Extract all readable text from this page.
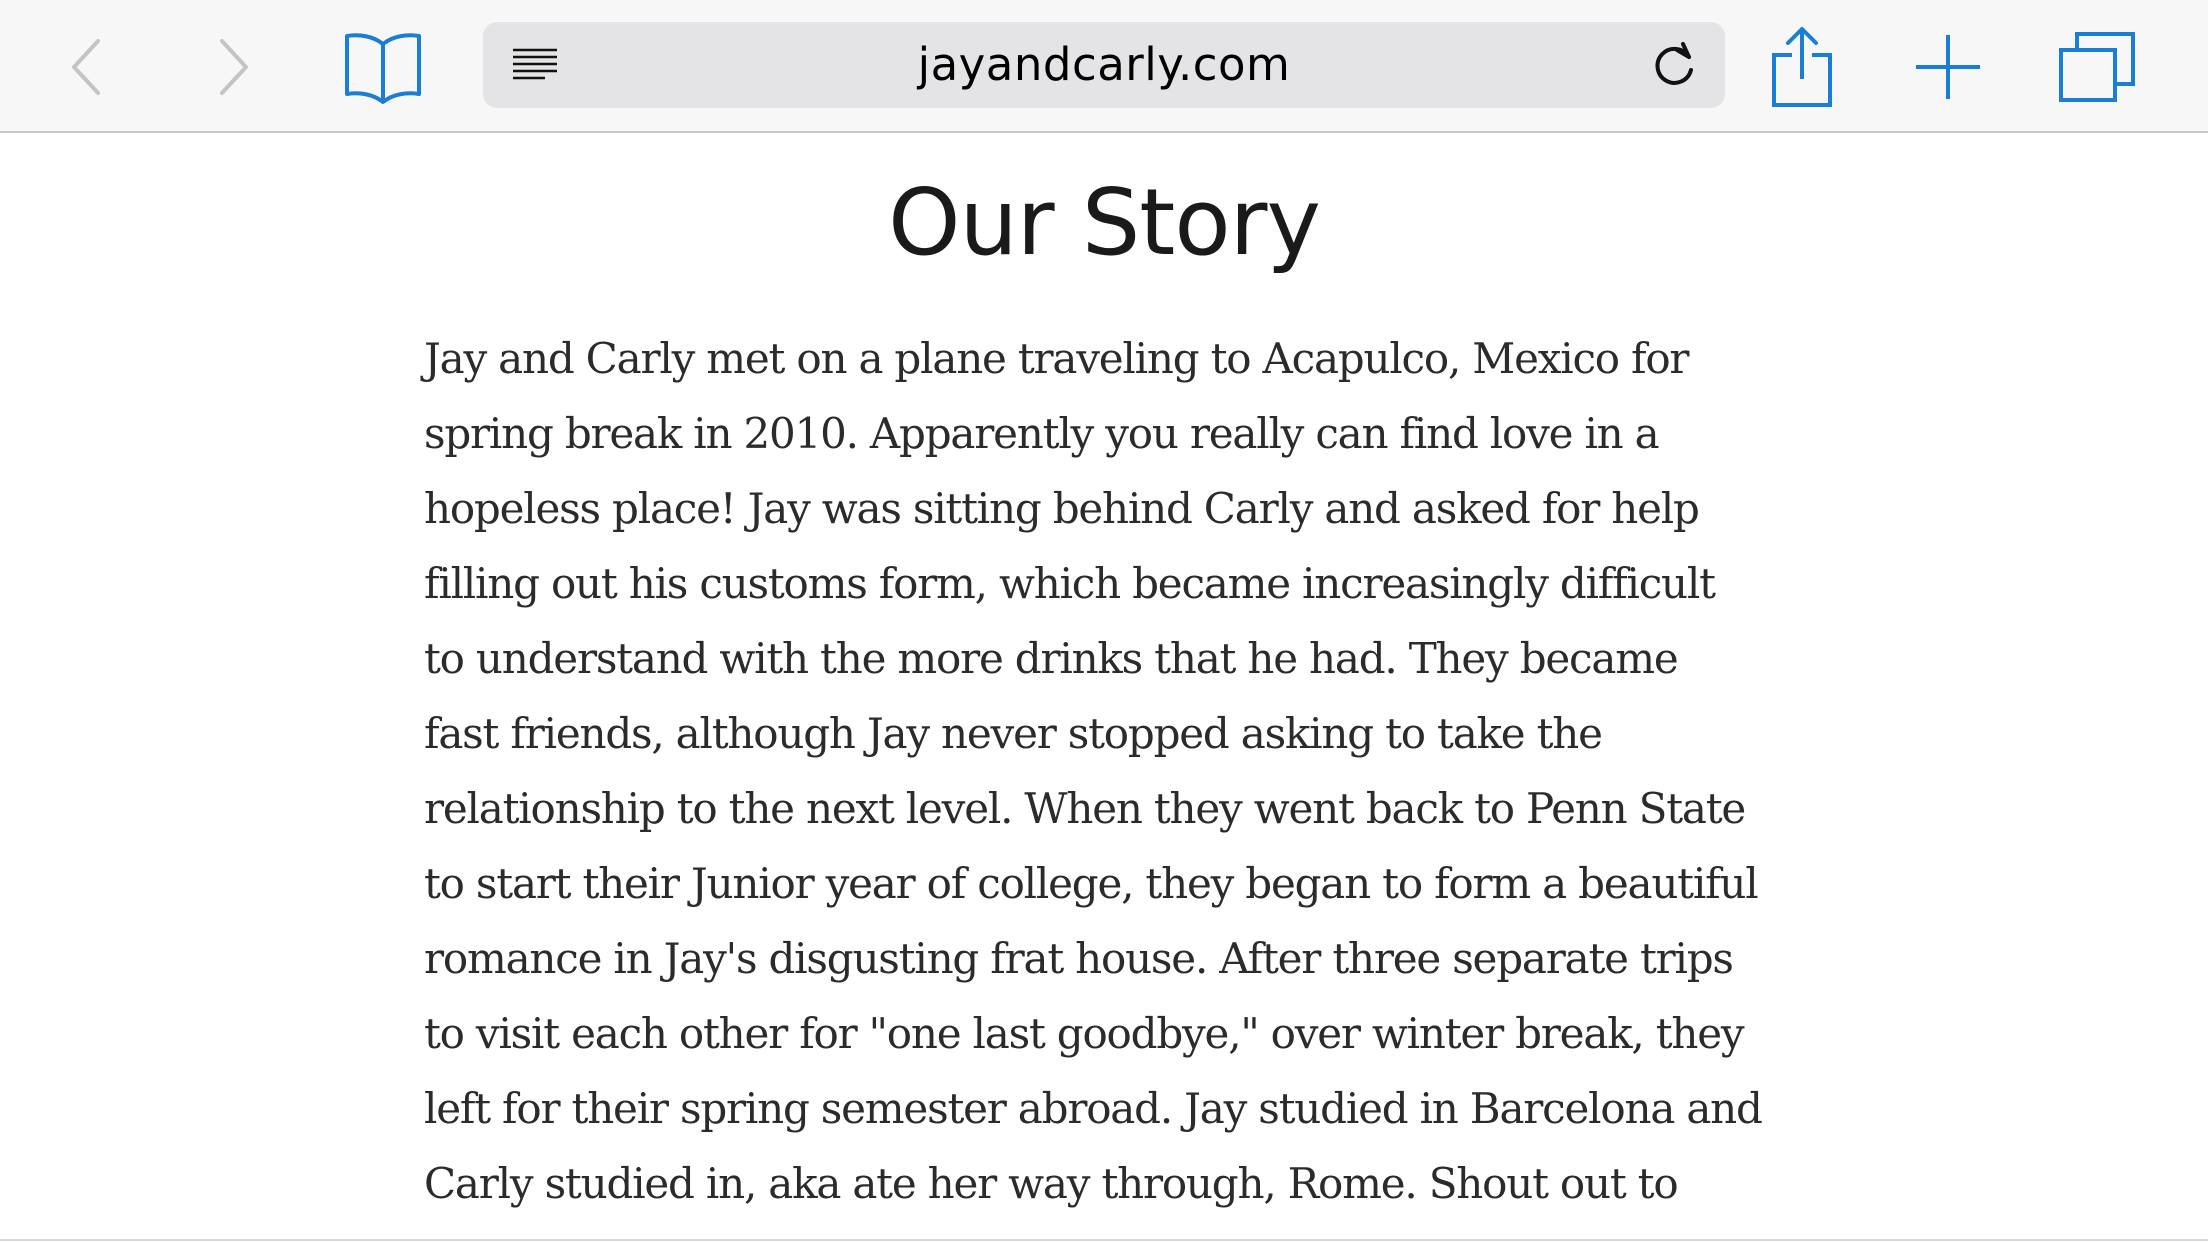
jayandcarly.com
Our Story
Jay and Carly met on a plane traveling to Acapulco, Mexico for
spring break in 2010. Apparently you really can find love in a
hopeless place! Jay was sitting behind Carly and asked for help
filling out his customs form, which became increasingly difficult
to understand with the more drinks that he had. They became
fast friends, although Jay never stopped asking to take the
relationship to the next level. When they went back to Penn State
to start their Junior year of college, they began to form a beautiful
romance in Jay's disgusting frat house. After three separate trips
to visit each other for "one last goodbye," over winter break, they
left for their spring semester abroad. Jay studied in Barcelona and
Carly studied in, aka ate her way through, Rome. Shout out to
